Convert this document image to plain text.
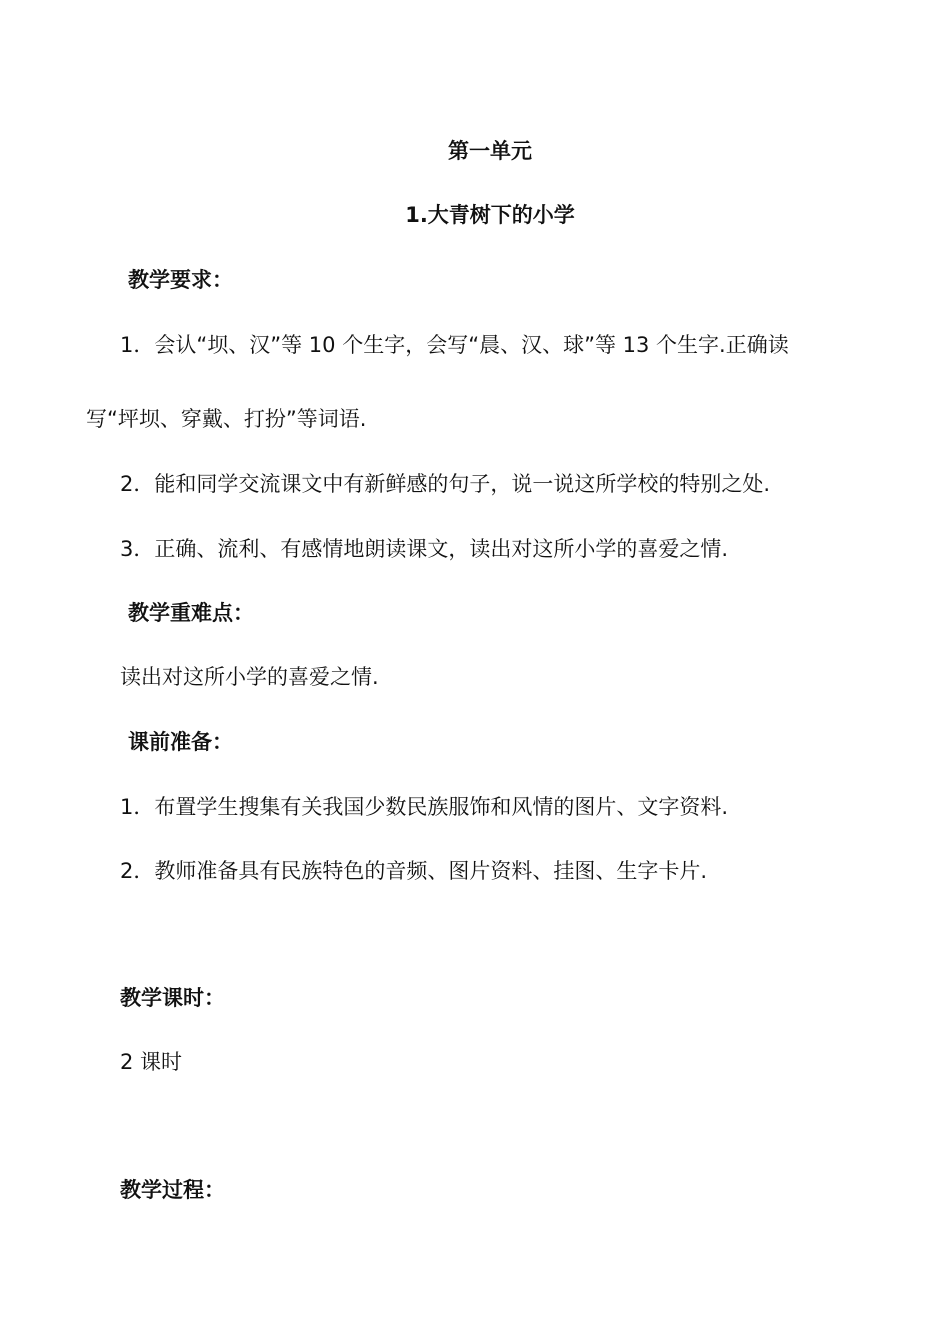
第一单元
1.大青树下的小学
教学要求：
1．会认“坝、汉”等 10 个生字，会写“晨、汉、球”等 13 个生字.正确读
写“坪坝、穿戴、打扮”等词语.
2．能和同学交流课文中有新鲜感的句子，说一说这所学校的特别之处.
3．正确、流利、有感情地朗读课文，读出对这所小学的喜爱之情.
教学重难点：
读出对这所小学的喜爱之情.
课前准备：
1．布置学生搜集有关我国少数民族服饰和风情的图片、文字资料.
2．教师准备具有民族特色的音频、图片资料、挂图、生字卡片.
教学课时：
2 课时
教学过程：
